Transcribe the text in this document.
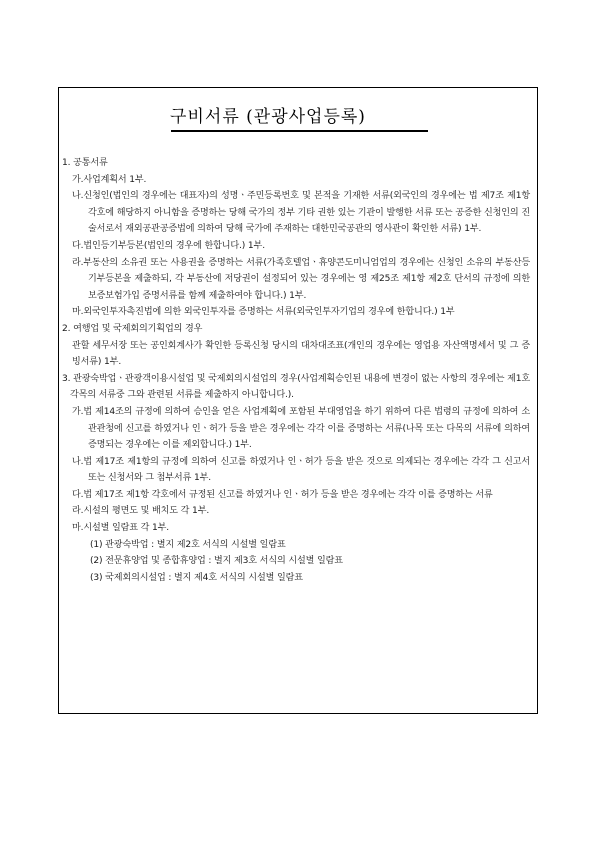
구비서류 (관광사업등록)

1. 공통서류

가.사업계획서 1부.

나.신청인(법인의 경우에는 대표자)의 성명ㆍ주민등록번호 및 본적을 기재한 서류(외국인의 경우에는 법 제7조 제1항 각호에 해당하지 아니함을 증명하는 당해 국가의 정부 기타 권한 있는 기관이 발행한 서류 또는 공증한 신청인의 진술서로서 재외공관공증법에 의하여 당해 국가에 주재하는 대한민국공관의 영사관이 확인한 서류) 1부.

다.법인등기부등본(법인의 경우에 한합니다.) 1부.

라.부동산의 소유권 또는 사용권을 증명하는 서류(가족호텔업ㆍ휴양콘도미니엄업의 경우에는 신청인 소유의 부동산등기부등본을 제출하되, 각 부동산에 저당권이 설정되어 있는 경우에는 영 제25조 제1항 제2호 단서의 규정에 의한 보증보험가입 증명서류를 함께 제출하여야 합니다.) 1부.

마.외국인투자촉진법에 의한 외국인투자를 증명하는 서류(외국인투자기업의 경우에 한합니다.) 1부

2. 여행업 및 국제회의기획업의 경우

관할 세무서장 또는 공인회계사가 확인한 등록신청 당시의 대차대조표(개인의 경우에는 영업용 자산액명세서 및 그 증빙서류) 1부.

3. 관광숙박업ㆍ관광객이용시설업 및 국제회의시설업의 경우(사업계획승인된 내용에 변경이 없는 사항의 경우에는 제1호 각목의 서류중 그와 관련된 서류를 제출하지 아니합니다.).

가.법 제14조의 규정에 의하여 승인을 얻은 사업계획에 포함된 부대영업을 하기 위하여 다른 법령의 규정에 의하여 소관관청에 신고를 하였거나 인ㆍ허가 등을 받은 경우에는 각각 이를 증명하는 서류(나목 또는 다목의 서류에 의하여 증명되는 경우에는 이를 제외합니다.) 1부.

나.법 제17조 제1항의 규정에 의하여 신고를 하였거나 인ㆍ허가 등을 받은 것으로 의제되는 경우에는 각각 그 신고서 또는 신청서와 그 첨부서류 1부.

다.법 제17조 제1항 각호에서 규정된 신고를 하였거나 인ㆍ허가 등을 받은 경우에는 각각 이를 증명하는 서류

라.시설의 평면도 및 배치도 각 1부.

마.시설별 일람표 각 1부.

(1) 관광숙박업 : 별지 제2호 서식의 시설별 일람표

(2) 전문휴양업 및 종합휴양업 : 별지 제3호 서식의 시설별 일람표

(3) 국제회의시설업 : 별지 제4호 서식의 시설별 일람표
